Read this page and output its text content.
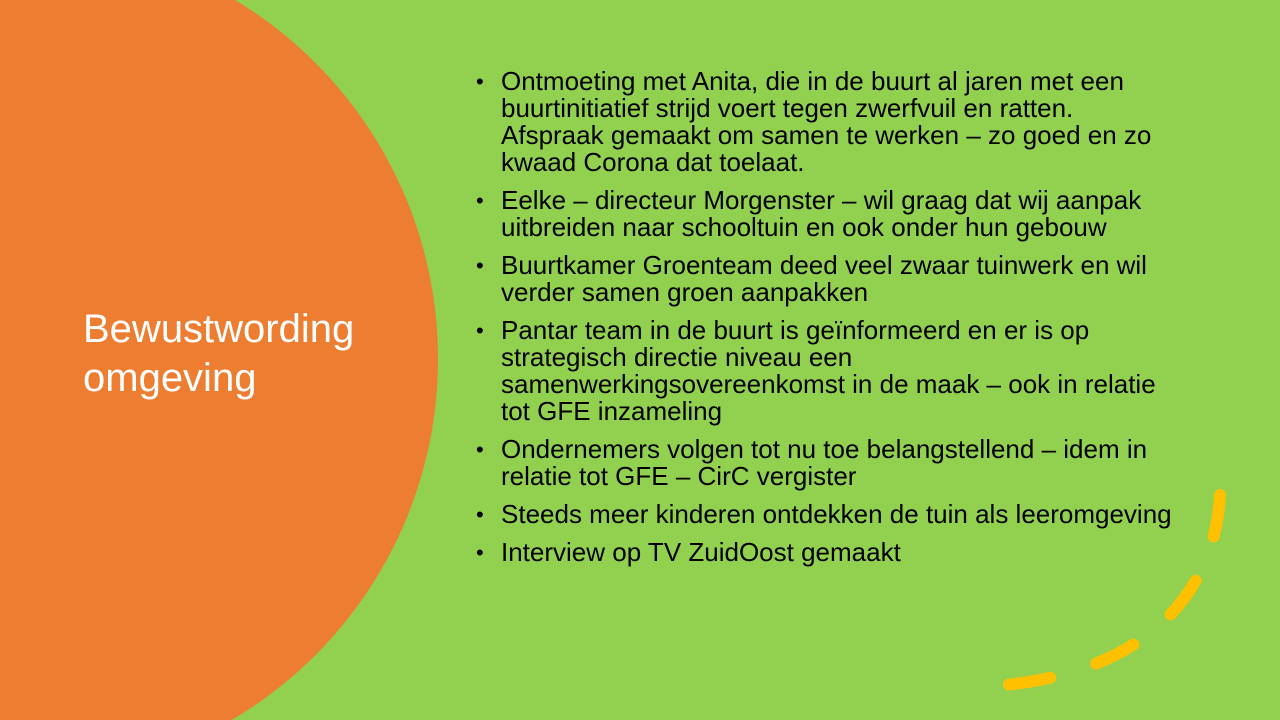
Bewustwording
omgeving
• Ontmoeting met Anita, die in de buurt al jaren met een buurtinitiatief strijd voert tegen zwerfvuil en ratten. Afspraak gemaakt om samen te werken – zo goed en zo kwaad Corona dat toelaat.
• Eelke – directeur Morgenster – wil graag dat wij aanpak uitbreiden naar schooltuin en ook onder hun gebouw
• Buurtkamer Groenteam deed veel zwaar tuinwerk en wil verder samen groen aanpakken
• Pantar team in de buurt is geïnformeerd en er is op strategisch directie niveau een samenwerkingsovereenkomst in de maak – ook in relatie tot GFE inzameling
• Ondernemers volgen tot nu toe belangstellend – idem in relatie tot GFE – CirC vergister
• Steeds meer kinderen ontdekken de tuin als leeromgeving
• Interview op TV ZuidOost gemaakt
